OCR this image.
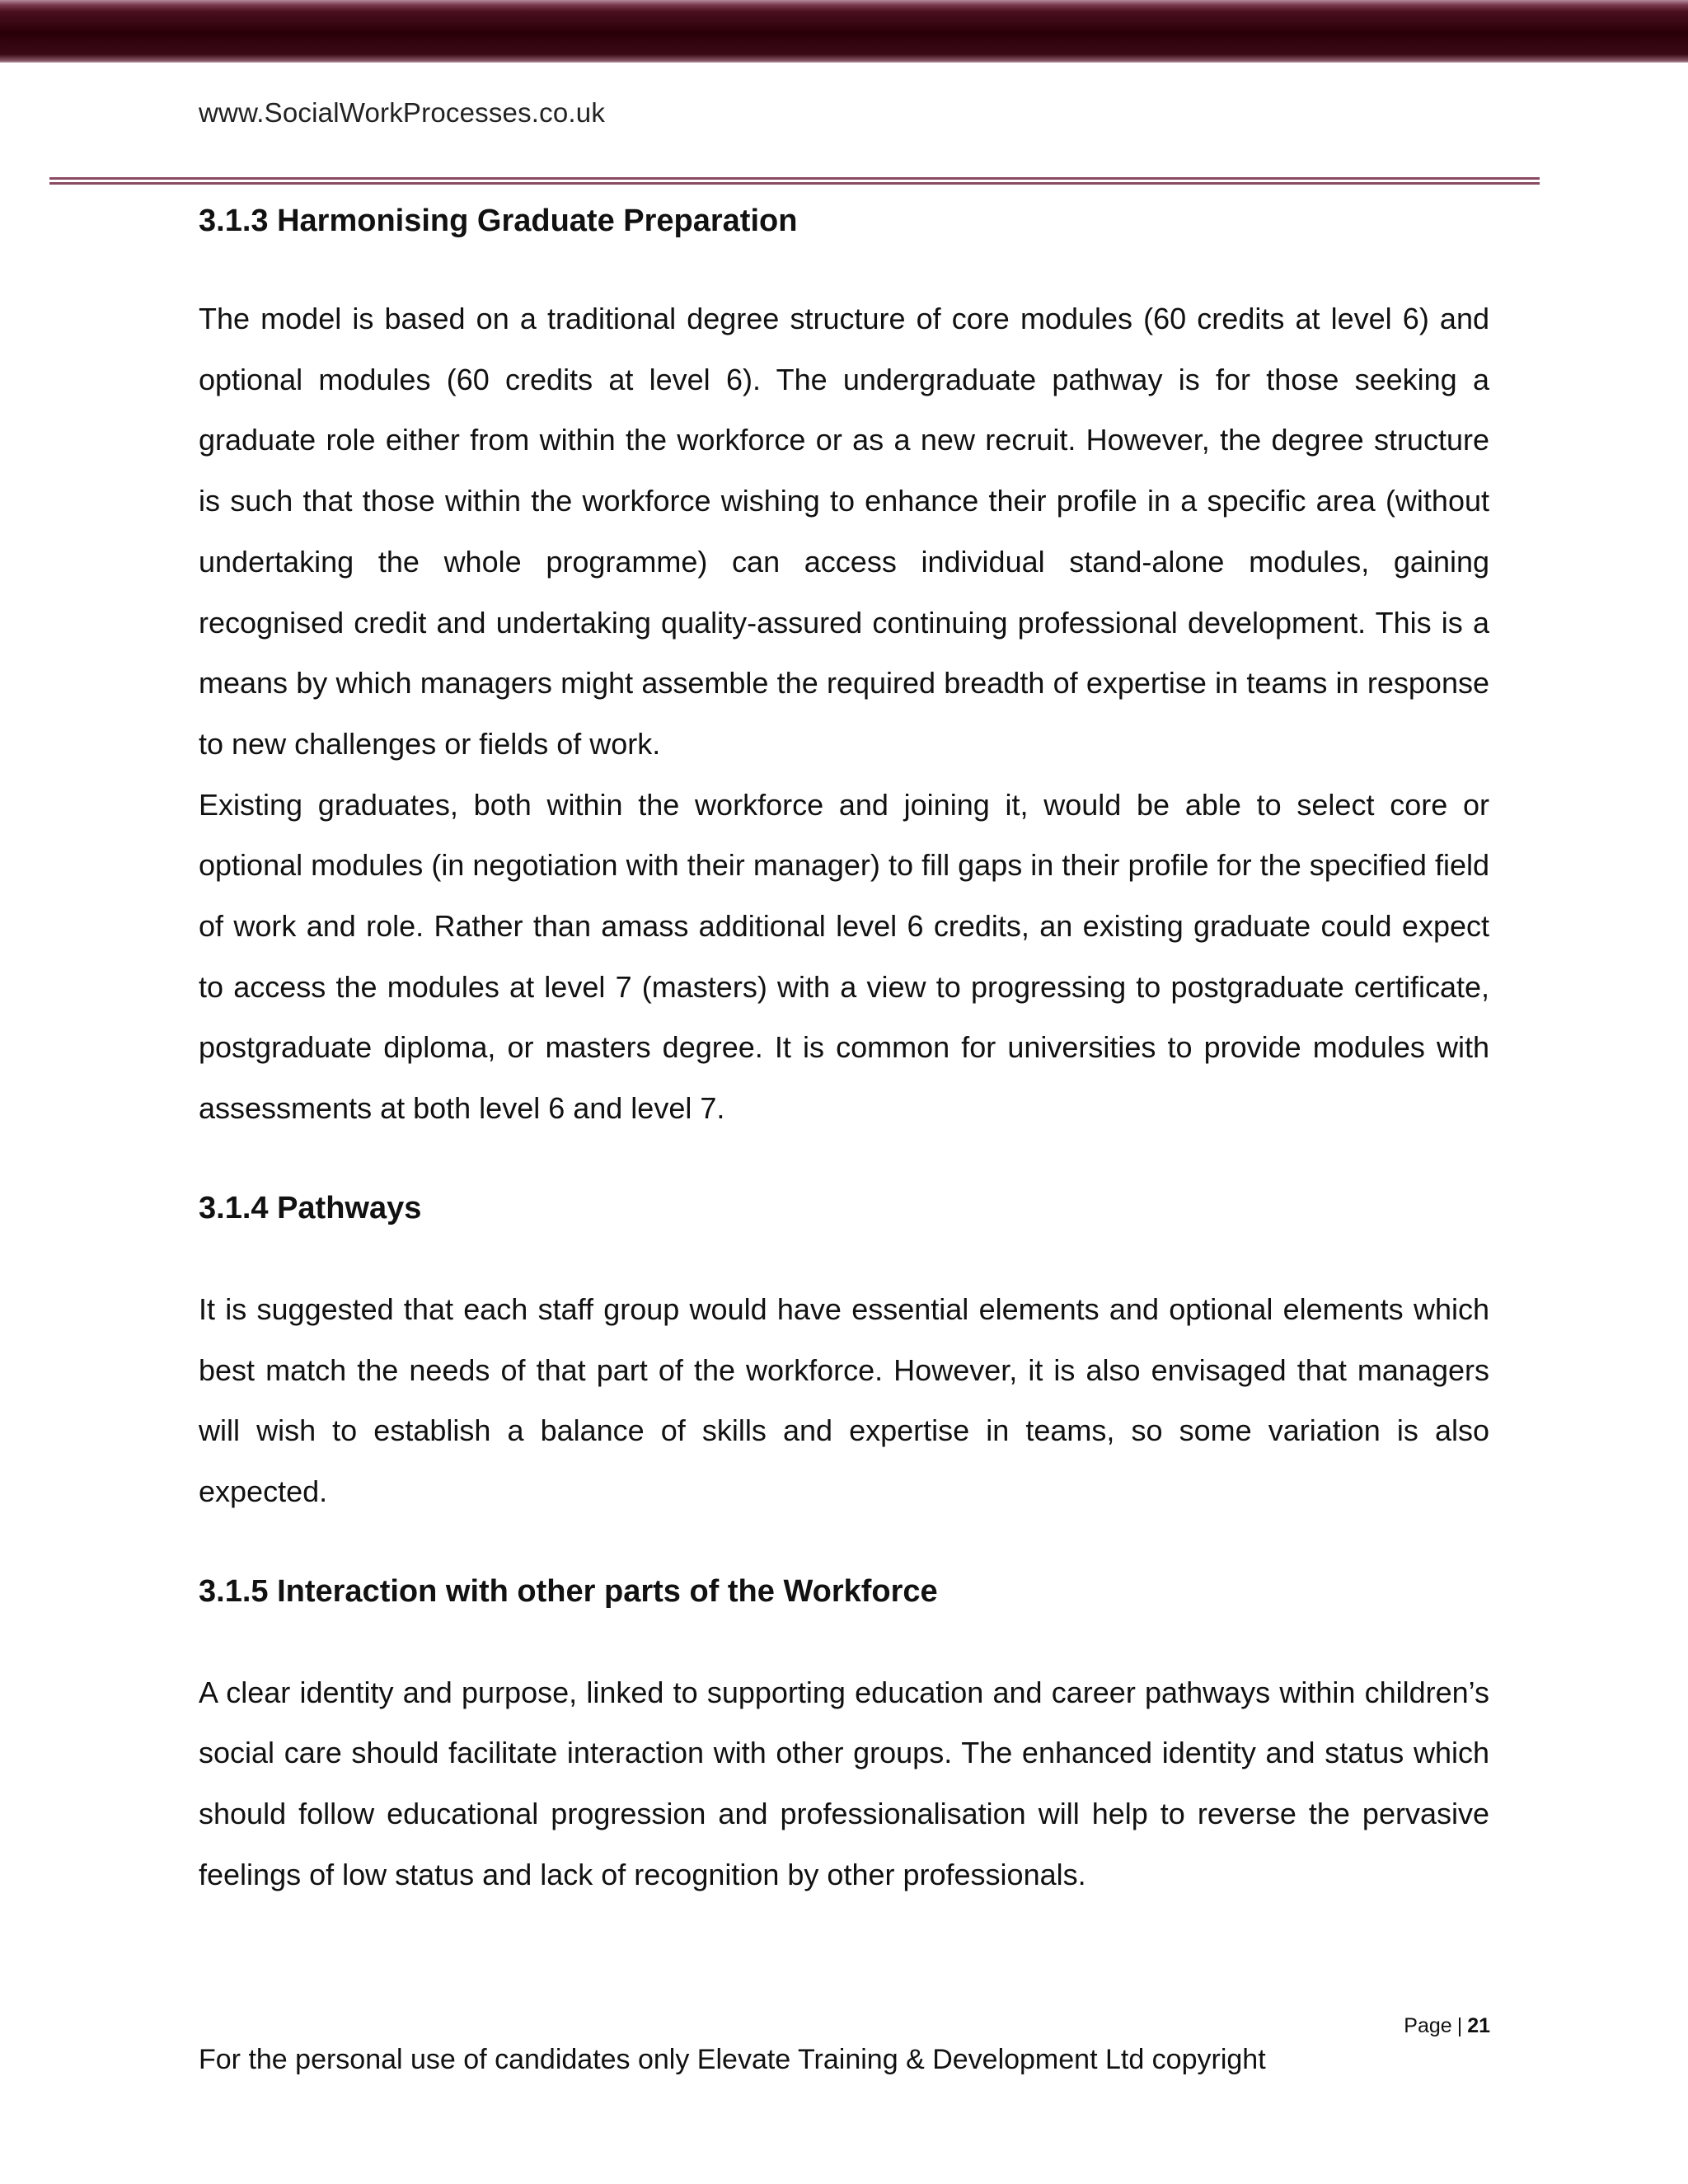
www.SocialWorkProcesses.co.uk
3.1.3 Harmonising Graduate Preparation

The model is based on a traditional degree structure of core modules (60 credits at level 6) and optional modules (60 credits at level 6). The undergraduate pathway is for those seeking a graduate role either from within the workforce or as a new recruit. However, the degree structure is such that those within the workforce wishing to enhance their profile in a specific area (without undertaking the whole programme) can access individual stand-alone modules, gaining recognised credit and undertaking quality-assured continuing professional development. This is a means by which managers might assemble the required breadth of expertise in teams in response to new challenges or fields of work.

Existing graduates, both within the workforce and joining it, would be able to select core or optional modules (in negotiation with their manager) to fill gaps in their profile for the specified field of work and role. Rather than amass additional level 6 credits, an existing graduate could expect to access the modules at level 7 (masters) with a view to progressing to postgraduate certificate, postgraduate diploma, or masters degree. It is common for universities to provide modules with assessments at both level 6 and level 7.

3.1.4 Pathways

It is suggested that each staff group would have essential elements and optional elements which best match the needs of that part of the workforce. However, it is also envisaged that managers will wish to establish a balance of skills and expertise in teams, so some variation is also expected.

3.1.5 Interaction with other parts of the Workforce

A clear identity and purpose, linked to supporting education and career pathways within children’s social care should facilitate interaction with other groups. The enhanced identity and status which should follow educational progression and professionalisation will help to reverse the pervasive feelings of low status and lack of recognition by other professionals.

Page | 21
For the personal use of candidates only Elevate Training & Development Ltd copyright
